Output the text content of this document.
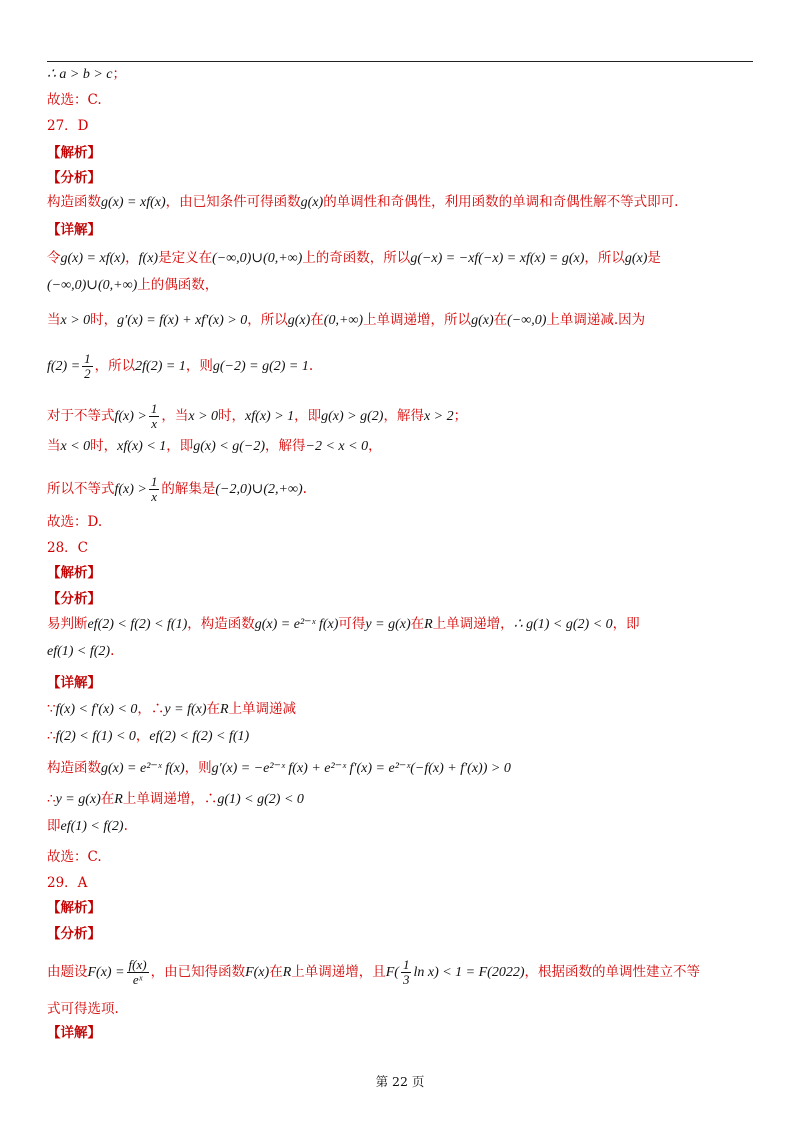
∴ a > b > c；
故选：C.
27．D
【解析】
【分析】
构造函数g(x) = xf(x)，由已知条件可得函数g(x)的单调性和奇偶性，利用函数的单调和奇偶性解不等式即可.
【详解】
令g(x) = xf(x)，f(x)是定义在(−∞,0)∪(0,+∞)上的奇函数，所以g(−x) = −xf(−x) = xf(x) = g(x)，所以g(x)是
(−∞,0)∪(0,+∞)上的偶函数，
当x > 0时，g′(x) = f(x) + xf′(x) > 0，所以g(x)在(0,+∞)上单调递增，所以g(x)在(−∞,0)上单调递减.因为
$f(2) = \frac{1}{2}$ ，所以2f(2) = 1，则g(−2) = g(2) = 1.
对于不等式$f(x) > \frac{1}{x}$ ，当x > 0时，xf(x) > 1，即g(x) > g(2)，解得x > 2；
当x < 0时，xf(x) < 1，即g(x) < g(−2)，解得−2 < x < 0，
所以不等式$f(x) > \frac{1}{x}$ 的解集是(−2,0)∪(2,+∞).
故选：D.
28．C
【解析】
【分析】
易判断ef(2) < f(2) < f(1)，构造函数g(x) = e²⁻ˣ f(x)可得y = g(x)在R上单调递增，∴ g(1) < g(2) < 0，即
ef(1) < f(2).
【详解】
∵f(x) < f′(x) < 0，∴y = f(x)在R上单调递减
∴f(2) < f(1) < 0，ef(2) < f(2) < f(1)
构造函数g(x) = e²⁻ˣ f(x)，则g′(x) = −e²⁻ˣ f(x) + e²⁻ˣ f′(x) = e²⁻ˣ(−f(x) + f′(x)) > 0
∴y = g(x)在R上单调递增，∴g(1) < g(2) < 0
即ef(1) < f(2).
故选：C.
29．A
【解析】
【分析】
由题设$F(x) = \frac{f(x)}{\text{eˣ}}$ ，由已知得函数F(x)在R上单调递增，且$F( \frac{1}{3}$ ln x) < 1 = F(2022)，根据函数的单调性建立不等
式可得选项.
【详解】
第 22 页
